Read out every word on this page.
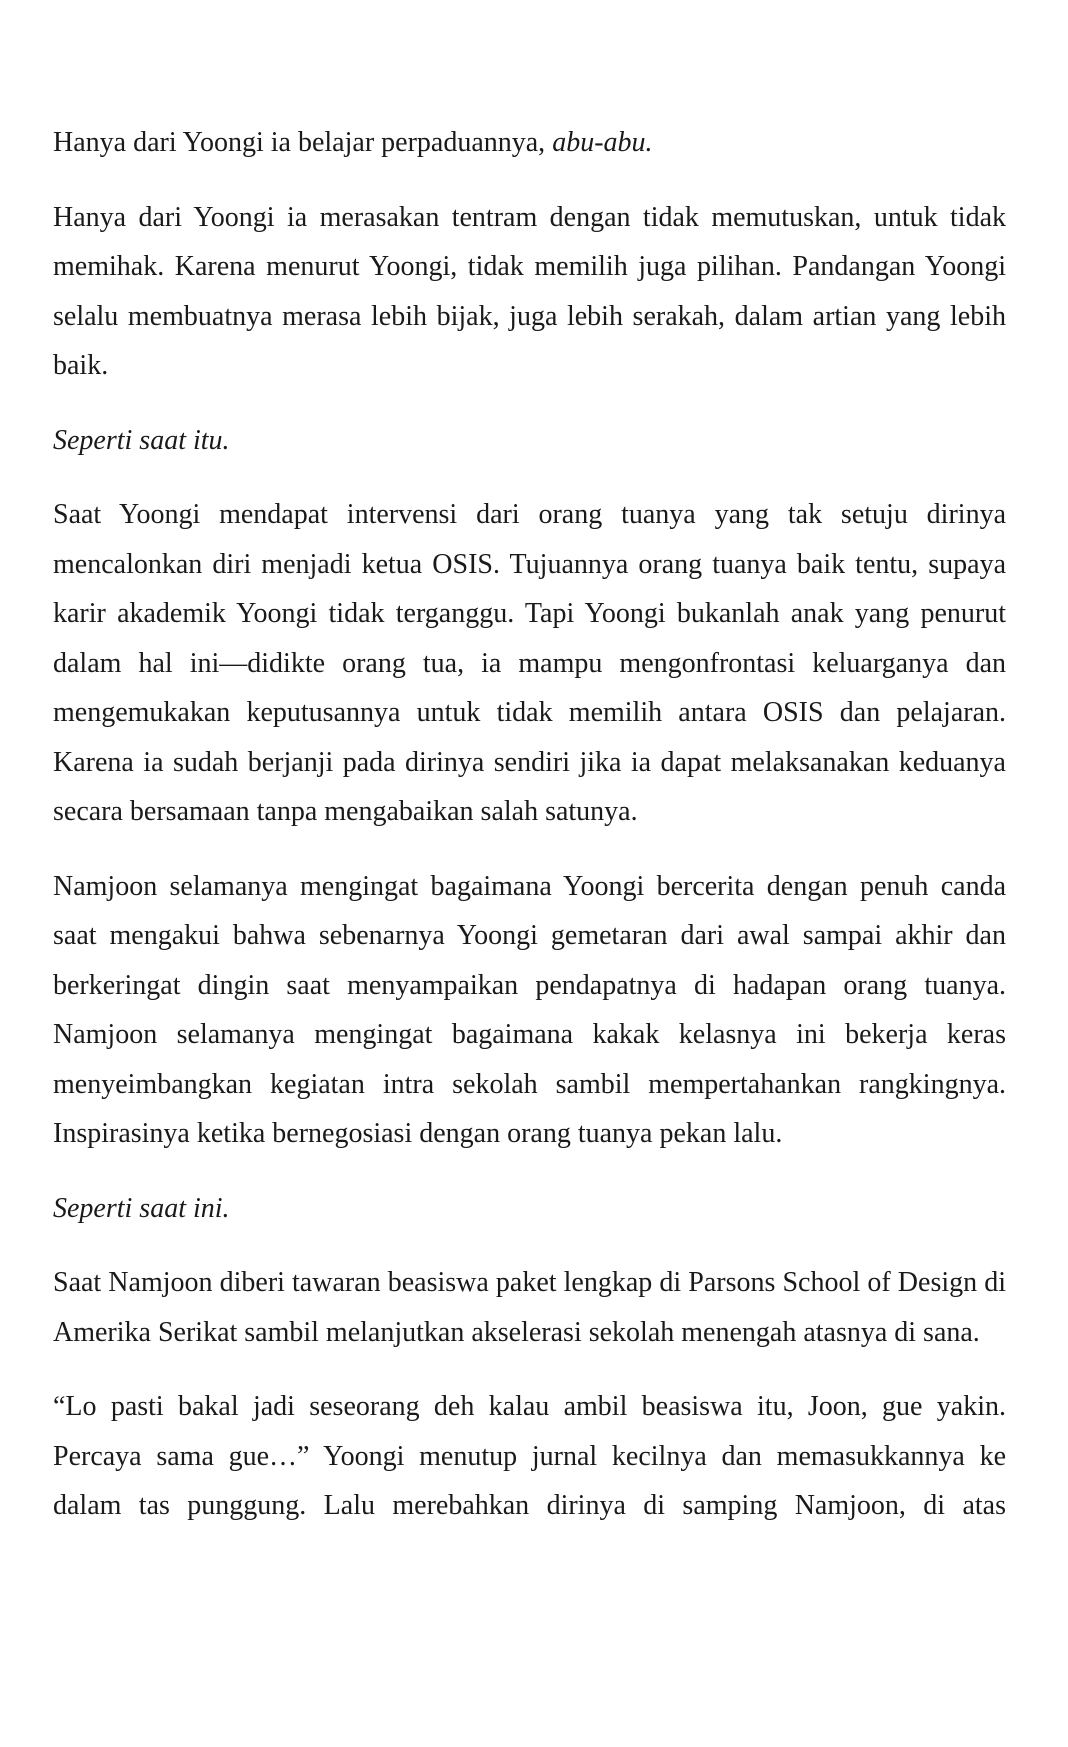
Hanya dari Yoongi ia belajar perpaduannya, abu-abu.

Hanya dari Yoongi ia merasakan tentram dengan tidak memutuskan, untuk tidak memihak. Karena menurut Yoongi, tidak memilih juga pilihan. Pandangan Yoongi selalu membuatnya merasa lebih bijak, juga lebih serakah, dalam artian yang lebih baik.

Seperti saat itu.

Saat Yoongi mendapat intervensi dari orang tuanya yang tak setuju dirinya mencalonkan diri menjadi ketua OSIS. Tujuannya orang tuanya baik tentu, supaya karir akademik Yoongi tidak terganggu. Tapi Yoongi bukanlah anak yang penurut dalam hal ini—didikte orang tua, ia mampu mengonfrontasi keluarganya dan mengemukakan keputusannya untuk tidak memilih antara OSIS dan pelajaran. Karena ia sudah berjanji pada dirinya sendiri jika ia dapat melaksanakan keduanya secara bersamaan tanpa mengabaikan salah satunya.

Namjoon selamanya mengingat bagaimana Yoongi bercerita dengan penuh canda saat mengakui bahwa sebenarnya Yoongi gemetaran dari awal sampai akhir dan berkeringat dingin saat menyampaikan pendapatnya di hadapan orang tuanya. Namjoon selamanya mengingat bagaimana kakak kelasnya ini bekerja keras menyeimbangkan kegiatan intra sekolah sambil mempertahankan rangkingnya. Inspirasinya ketika bernegosiasi dengan orang tuanya pekan lalu.

Seperti saat ini.

Saat Namjoon diberi tawaran beasiswa paket lengkap di Parsons School of Design di Amerika Serikat sambil melanjutkan akselerasi sekolah menengah atasnya di sana.

“Lo pasti bakal jadi seseorang deh kalau ambil beasiswa itu, Joon, gue yakin. Percaya sama gue…” Yoongi menutup jurnal kecilnya dan memasukkannya ke dalam tas punggung. Lalu merebahkan dirinya di samping Namjoon, di atas
